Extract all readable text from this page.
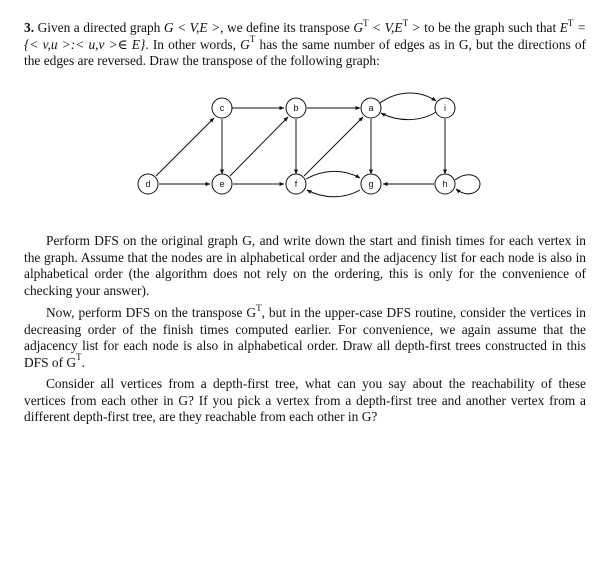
3. Given a directed graph G < V,E >, we define its transpose $G^T < V,E^T$ > to be the graph such that $E^T$ = {< v,u >:< u,v >∈ E}. In other words, $G^T$ has the same number of edges as in G, but the directions of the edges are reversed. Draw the transpose of the following graph:

c	b	a	i
d	e	f	g	h

Perform DFS on the original graph G, and write down the start and finish times for each vertex in the graph. Assume that the nodes are in alphabetical order and the adjacency list for each node is also in alphabetical order (the algorithm does not rely on the ordering, this is only for the convenience of checking your answer).

Now, perform DFS on the transpose $G^T$, but in the upper-case DFS routine, consider the vertices in decreasing order of the finish times computed earlier. For convenience, we again assume that the adjacency list for each node is also in alphabetical order. Draw all depth-first trees constructed in this DFS of $G^T$.

Consider all vertices from a depth-first tree, what can you say about the reachability of these vertices from each other in G? If you pick a vertex from a depth-first tree and another vertex from a different depth-first tree, are they reachable from each other in G?
